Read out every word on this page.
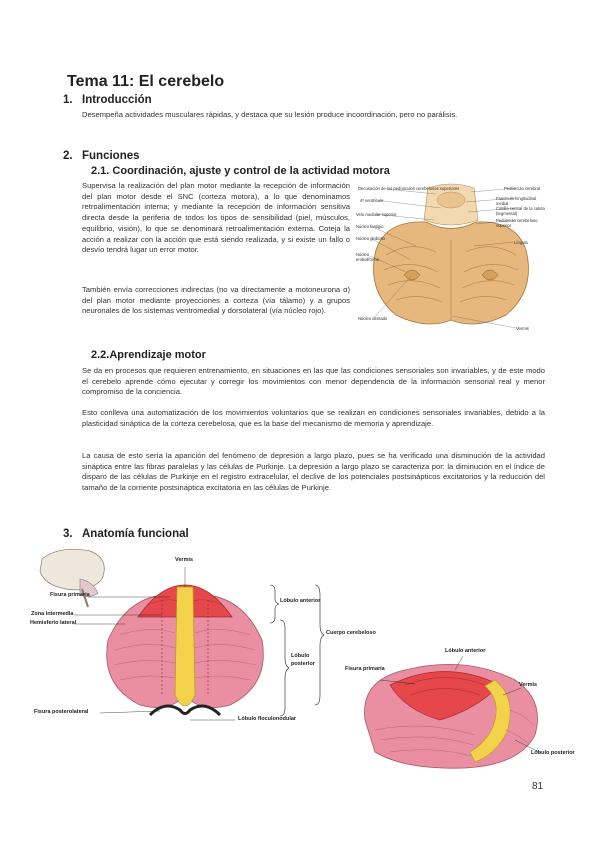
Tema 11: El cerebelo
1. Introducción
Desempeña actividades musculares rápidas, y destaca que su lesión produce incoordinación, pero no parálisis.
2. Funciones
2.1. Coordinación, ajuste y control de la actividad motora
Supervisa la realización del plan motor mediante la recepción de información del plan motor desde el SNC (corteza motora), a lo que denominamos retroalimentación interna; y mediante la recepción de información sensitiva directa desde la periferia de todos los tipos de sensibilidad (piel, músculos, equilibrio, visión), lo que se denominará retroalimentación externa. Coteja la acción a realizar con la acción que está siendo realizada, y si existe un fallo o desvío tendrá lugar un error motor.
También envía correcciones indirectas (no va directamente a motoneurona α) del plan motor mediante proyecciones a corteza (vía tálamo) y a grupos neuronales de los sistemas ventromedial y dorsolateral (vía núcleo rojo).
Decusación de los pedúnculos cerebelosos superiores
4º ventrículo
Velo medular superior
Núcleo fastigio
Núcleo globoso
Núcleo emboliforme
Núcleo dentado
Pedúnculo cerebral
Fascículo longitudinal medial
Cintilla central de la calota (tegmental)
Pedúnculo cerebeloso superior
Língula
Vermis
2.2.Aprendizaje motor
Se da en procesos que requieren entrenamiento, en situaciones en las que las condiciones sensoriales son invariables, y de este modo el cerebelo aprende cómo ejecutar y corregir los movimientos con menor dependencia de la información sensorial real y menor compromiso de la conciencia.
Esto conlleva una automatización de los movimientos voluntarios que se realizan en condiciones sensoriales invariables, debido a la plasticidad sináptica de la corteza cerebelosa, que es la base del mecanismo de memoria y aprendizaje.
La causa de esto sería la aparición del fenómeno de depresión a largo plazo, pues se ha verificado una disminución de la actividad sináptica entre las fibras paralelas y las células de Purkinje. La depresión a largo plazo se caracteriza por: la diminución en el índice de disparo de las células de Purkinje en el registro extracelular, el declive de los potenciales postsinápticos excitatorios y la reducción del tamaño de la corriente postsináptica excitatoria en las células de Purkinje.
3. Anatomía funcional
Vermis
Fisura primaria
Zona intermedia
Hemisferio lateral
Fisura posterolateral
Lóbulo anterior
Lóbulo
posterior
Cuerpo cerebeloso
Lóbulo floculonodular
Lóbulo anterior
Fisura primaria
Vermis
Lóbulo posterior
81
